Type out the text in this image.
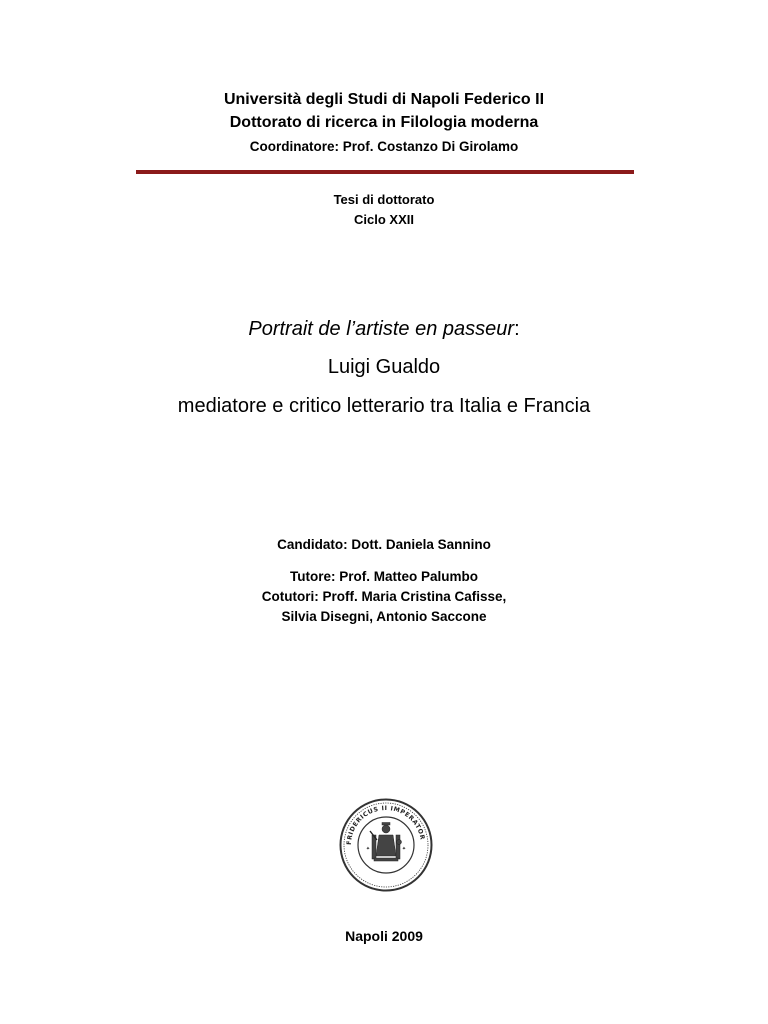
Università degli Studi di Napoli Federico II
Dottorato di ricerca in Filologia moderna
Coordinatore: Prof. Costanzo Di Girolamo
Tesi di dottorato
Ciclo XXII
Portrait de l’artiste en passeur:
Luigi Gualdo
mediatore e critico letterario tra Italia e Francia
Candidato: Dott. Daniela Sannino
Tutore: Prof. Matteo Palumbo
Cotutori: Proff. Maria Cristina Cafisse,
Silvia Disegni, Antonio Saccone
FRIDERICUS II IMPERATOR
✦	✦
Napoli 2009
